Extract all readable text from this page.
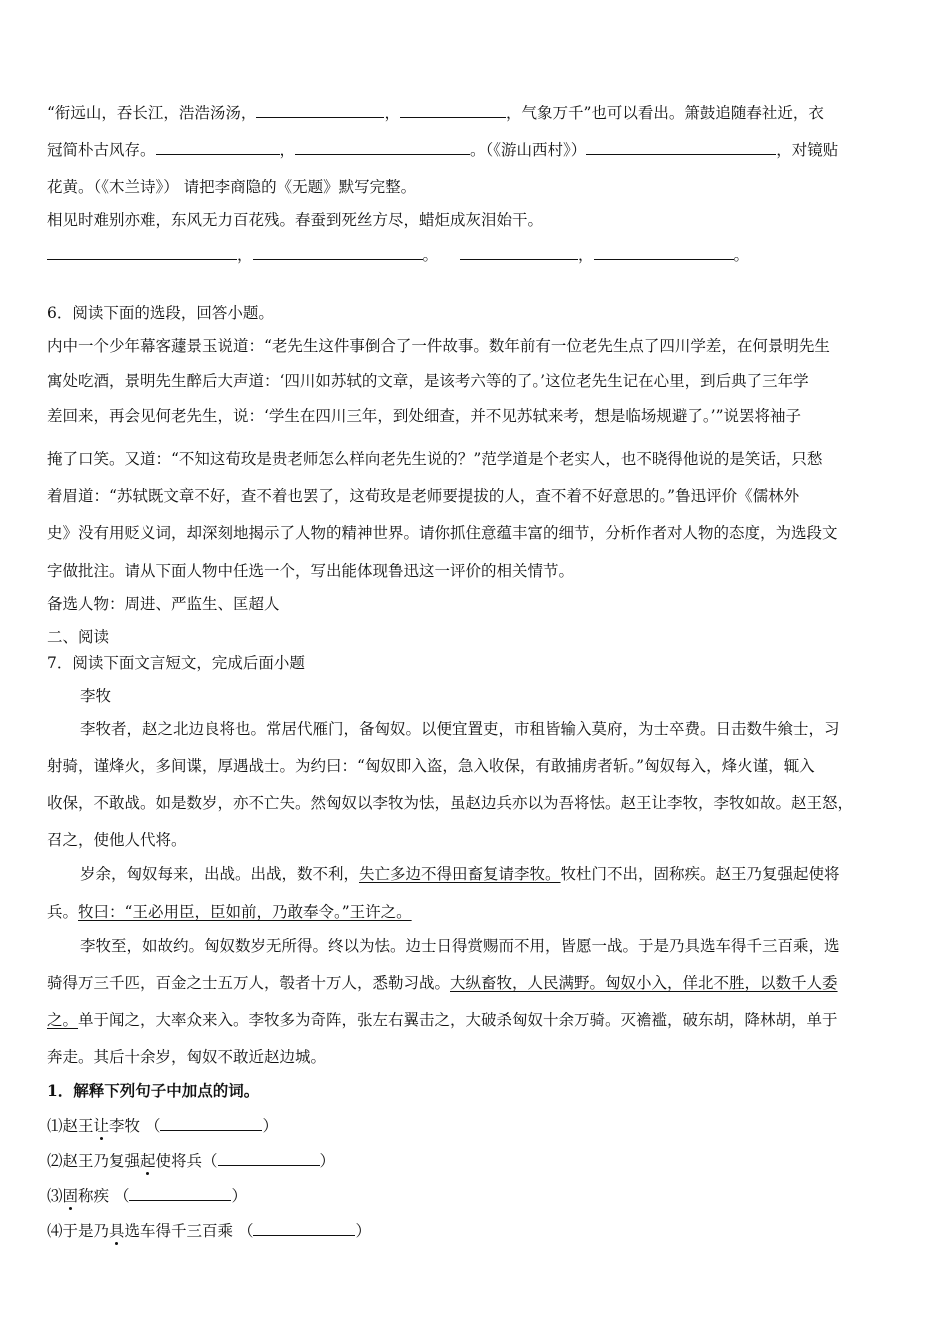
“衔远山，吞长江，浩浩汤汤，	，	，气象万千”也可以看出。箫鼓追随春社近，衣
冠简朴古风存。	，	。（《游山西村》）	，对镜贴
花黄。（《木兰诗》） 请把李商隐的《无题》默写完整。
相见时难别亦难，东风无力百花残。春蚕到死丝方尽，蜡炬成灰泪始干。
，	。	，	。
6．阅读下面的选段，回答小题。
内中一个少年幕客蘧景玉说道：“老先生这件事倒合了一件故事。数年前有一位老先生点了四川学差，在何景明先生
寓处吃酒，景明先生醉后大声道：‘四川如苏轼的文章，是该考六等的了。’这位老先生记在心里，到后典了三年学
差回来，再会见何老先生，说：‘学生在四川三年，到处细查，并不见苏轼来考，想是临场规避了。’”说罢将袖子
掩了口笑。又道：“不知这荀玫是贵老师怎么样向老先生说的？”范学道是个老实人，也不晓得他说的是笑话，只愁
着眉道：“苏轼既文章不好，查不着也罢了，这荀玫是老师要提拔的人，查不着不好意思的。”鲁迅评价《儒林外
史》没有用贬义词，却深刻地揭示了人物的精神世界。请你抓住意蕴丰富的细节，分析作者对人物的态度，为选段文
字做批注。请从下面人物中任选一个，写出能体现鲁迅这一评价的相关情节。
备选人物：周进、严监生、匡超人
二、阅读
7．阅读下面文言短文，完成后面小题
李牧
李牧者，赵之北边良将也。常居代雁门，备匈奴。以便宜置吏，市租皆输入莫府，为士卒费。日击数牛飨士，习
射骑，谨烽火，多间谍，厚遇战士。为约曰：“匈奴即入盗，急入收保，有敢捕虏者斩。”匈奴每入，烽火谨，辄入
收保，不敢战。如是数岁，亦不亡失。然匈奴以李牧为怯，虽赵边兵亦以为吾将怯。赵王让李牧，李牧如故。赵王怒，
召之，使他人代将。
岁余，匈奴每来，出战。出战，数不利，失亡多边不得田畜复请李牧。牧杜门不出，固称疾。赵王乃复强起使将
兵。牧曰：“王必用臣，臣如前，乃敢奉令。”王许之。
李牧至，如故约。匈奴数岁无所得。终以为怯。边士日得赏赐而不用，皆愿一战。于是乃具选车得千三百乘，选
骑得万三千匹，百金之士五万人，彀者十万人，悉勒习战。大纵畜牧，人民满野。匈奴小入，佯北不胜，以数千人委
之。单于闻之，大率众来入。李牧多为奇阵，张左右翼击之，大破杀匈奴十余万骑。灭襜褴，破东胡，降林胡，单于
奔走。其后十余岁，匈奴不敢近赵边城。
1．解释下列句子中加点的词。
⑴赵王让李牧 （	）
⑵赵王乃复强起使将兵（	）
⑶固称疾 （	）
⑷于是乃具选车得千三百乘 （	）
